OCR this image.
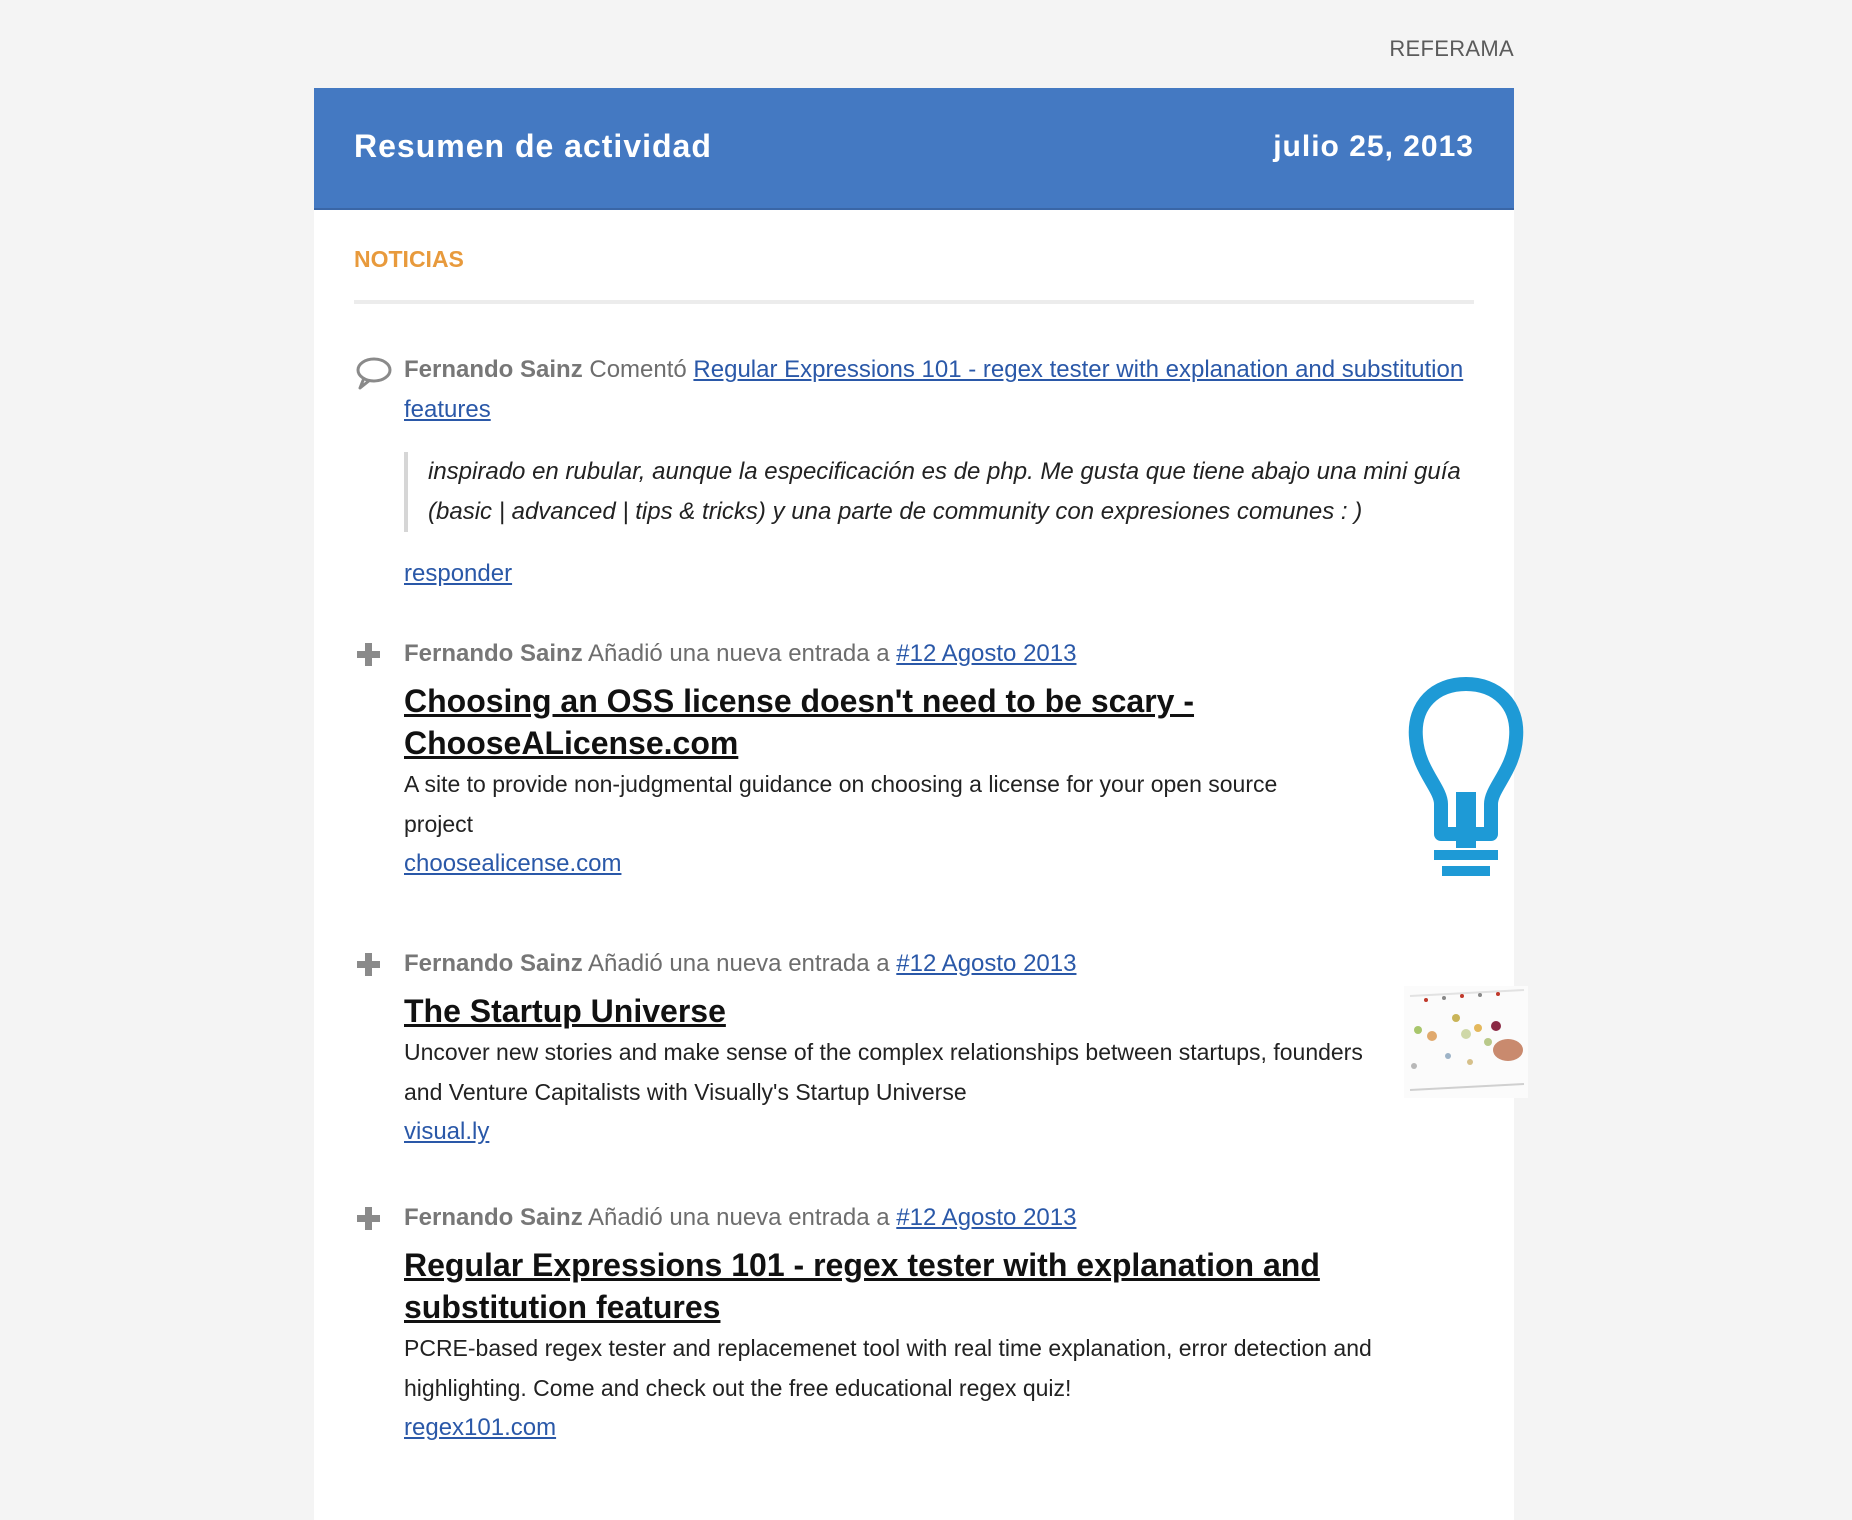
REFERAMA
Resumen de actividad	julio 25, 2013
NOTICIAS
Fernando Sainz Comentó Regular Expressions 101 - regex tester with explanation and substitution features
inspirado en rubular, aunque la especificación es de php. Me gusta que tiene abajo una mini guía (basic | advanced | tips & tricks) y una parte de community con expresiones comunes : )
responder
Fernando Sainz Añadió una nueva entrada a #12 Agosto 2013
Choosing an OSS license doesn't need to be scary - ChooseALicense.com
A site to provide non-judgmental guidance on choosing a license for your open source project
choosealicense.com
Fernando Sainz Añadió una nueva entrada a #12 Agosto 2013
The Startup Universe
Uncover new stories and make sense of the complex relationships between startups, founders and Venture Capitalists with Visually's Startup Universe
visual.ly
Fernando Sainz Añadió una nueva entrada a #12 Agosto 2013
Regular Expressions 101 - regex tester with explanation and substitution features
PCRE-based regex tester and replacemenet tool with real time explanation, error detection and highlighting. Come and check out the free educational regex quiz!
regex101.com
